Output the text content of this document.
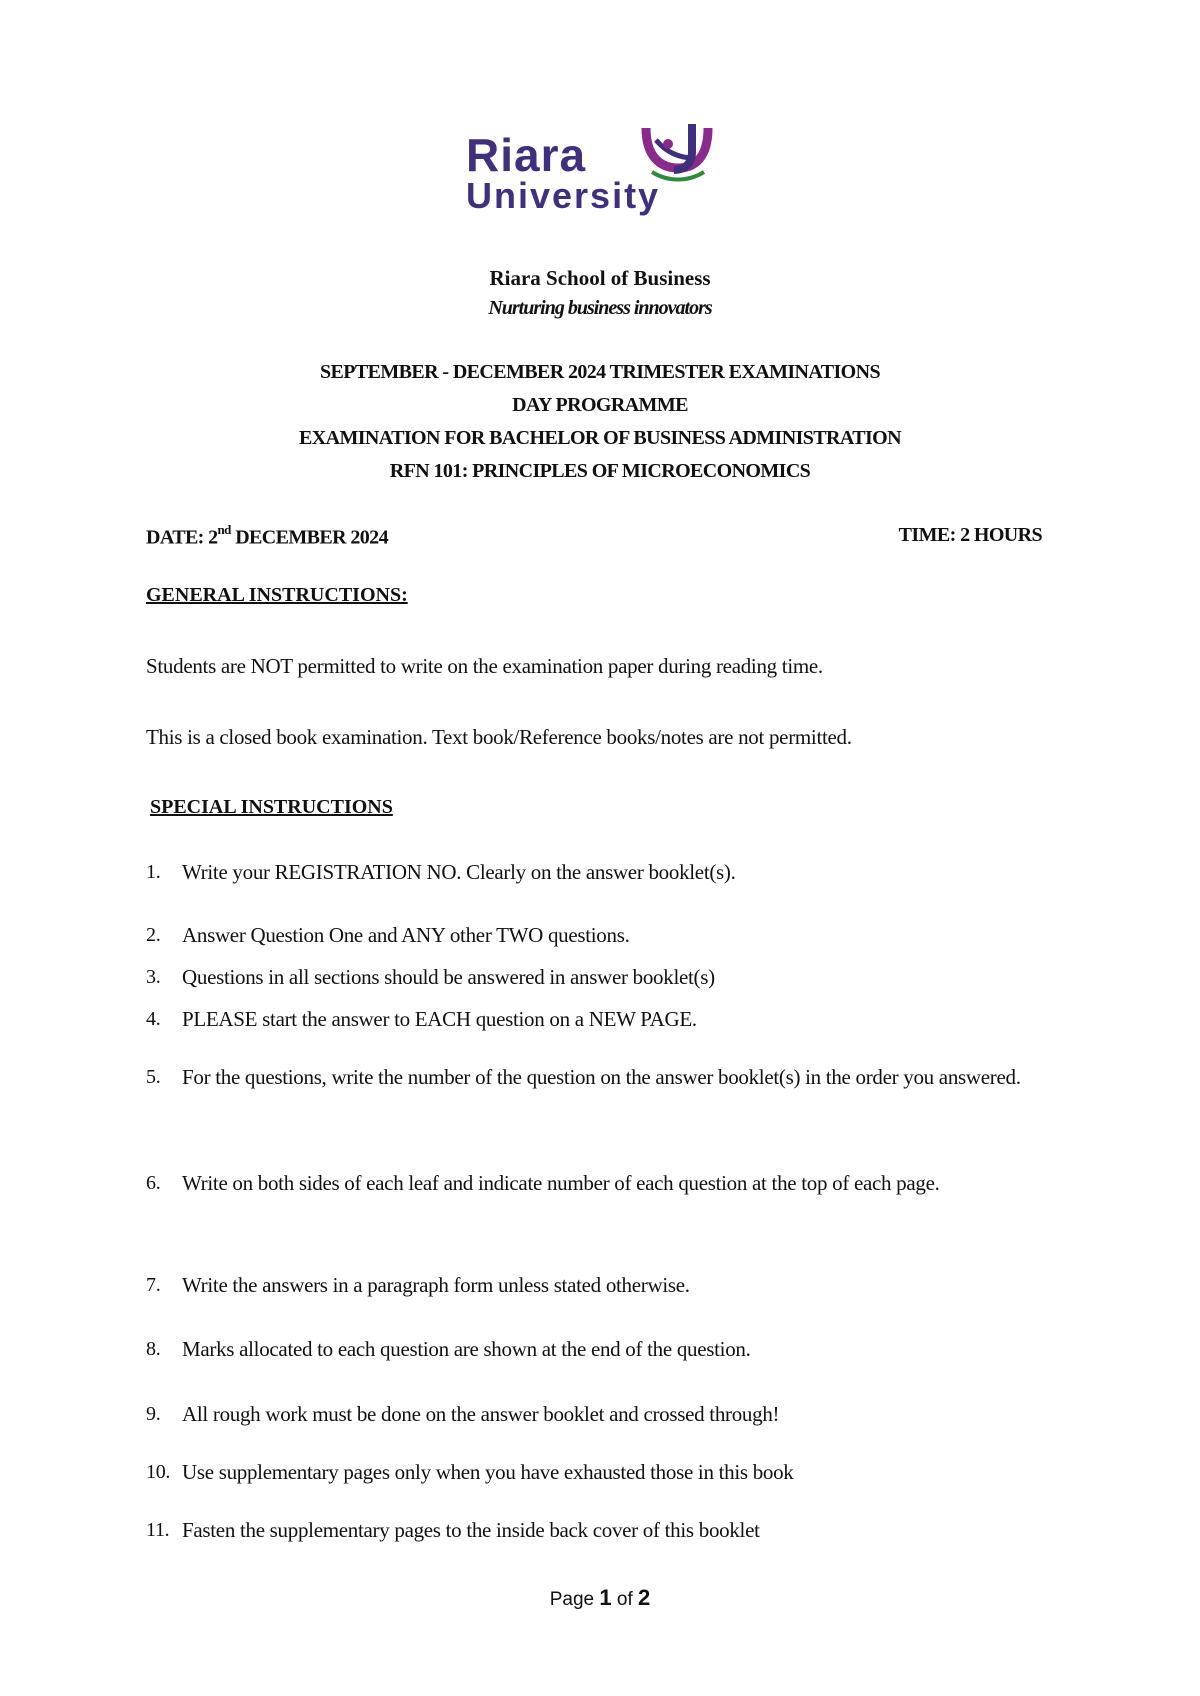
Riara
University
Riara School of Business
Nurturing business innovators
SEPTEMBER - DECEMBER 2024 TRIMESTER EXAMINATIONS
DAY PROGRAMME
EXAMINATION FOR BACHELOR OF BUSINESS ADMINISTRATION
RFN 101: PRINCIPLES OF MICROECONOMICS
DATE: 2nd DECEMBER 2024	TIME: 2 HOURS
GENERAL INSTRUCTIONS:
Students are NOT permitted to write on the examination paper during reading time.
This is a closed book examination. Text book/Reference books/notes are not permitted.
SPECIAL INSTRUCTIONS
1.	Write your REGISTRATION NO. Clearly on the answer booklet(s).
2.	Answer Question One and ANY other TWO questions.
3.	Questions in all sections should be answered in answer booklet(s)
4.	PLEASE start the answer to EACH question on a NEW PAGE.
5.	For the questions, write the number of the question on the answer booklet(s) in the order you answered.
6.	Write on both sides of each leaf and indicate number of each question at the top of each page.
7.	Write the answers in a paragraph form unless stated otherwise.
8.	Marks allocated to each question are shown at the end of the question.
9.	All rough work must be done on the answer booklet and crossed through!
10. Use supplementary pages only when you have exhausted those in this book
11. Fasten the supplementary pages to the inside back cover of this booklet
Page 1 of 2
